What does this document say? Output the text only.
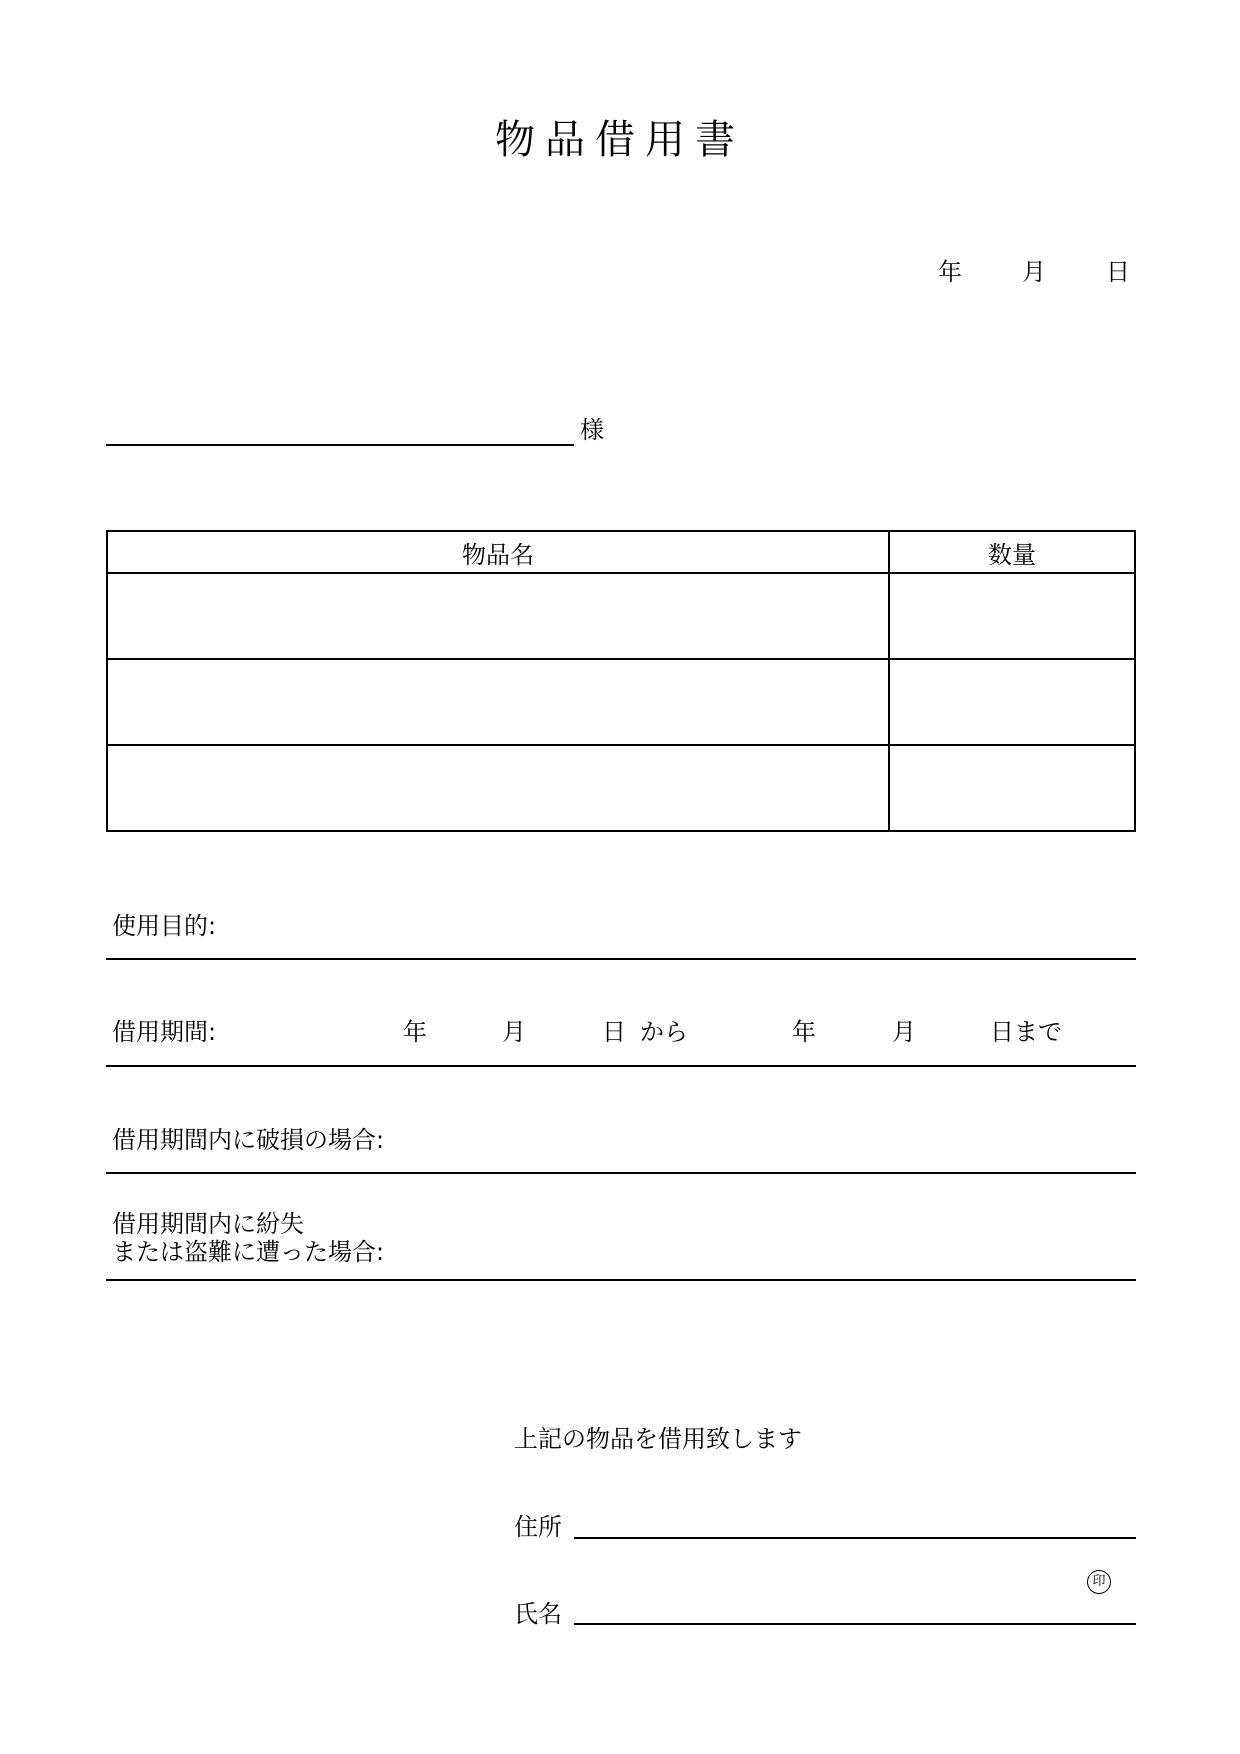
物品借用書
年	月	日
様
物品名	数量

使用目的:
借用期間:	年	月	日 から	年	月	日まで
借用期間内に破損の場合:
借用期間内に紛失
または盗難に遭った場合:
上記の物品を借用致します
住所
印
氏名
